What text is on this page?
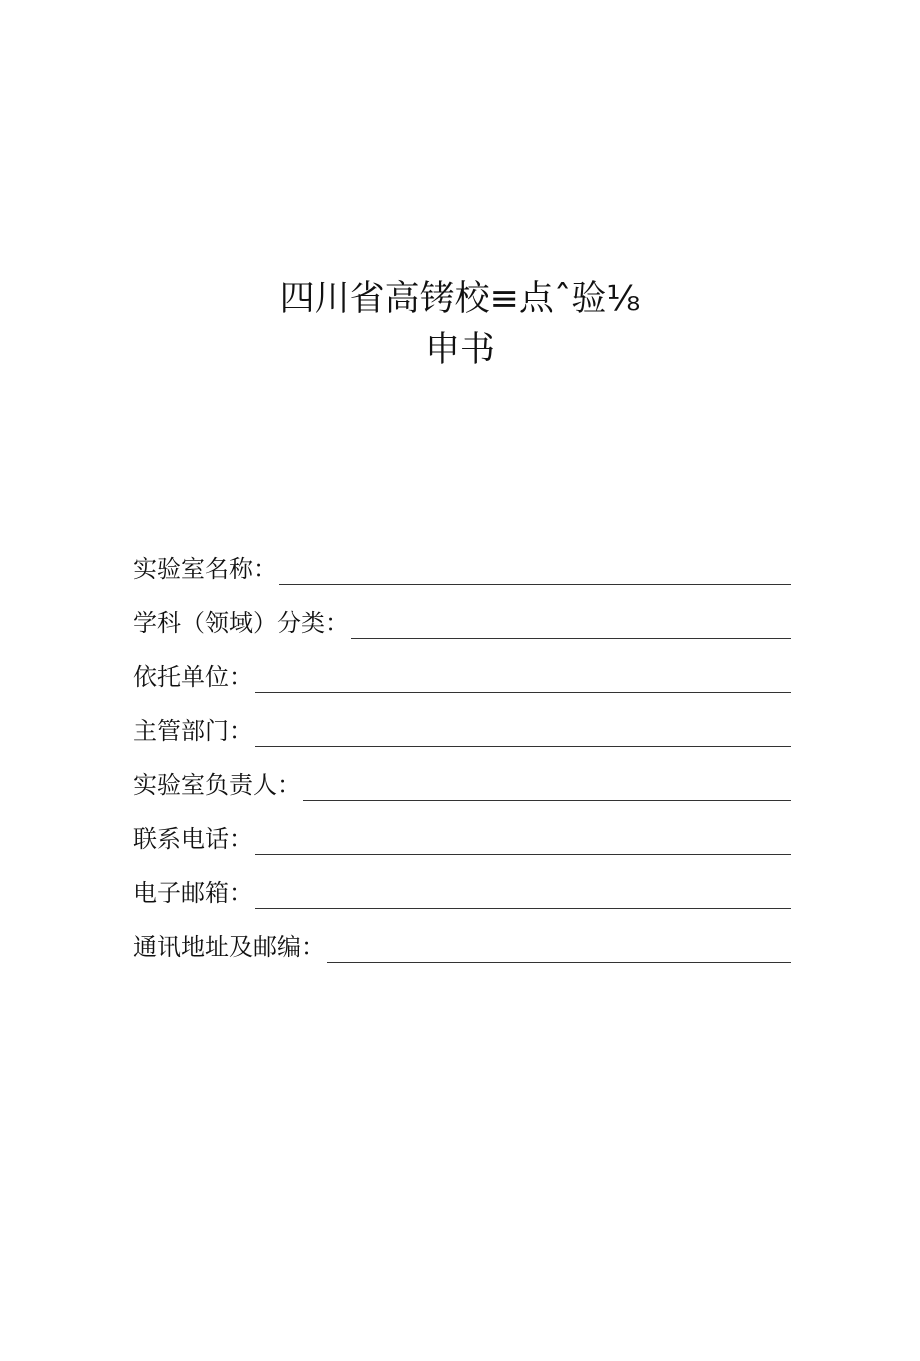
四川省高铐校≡点ˆ验⅛
申书
实验室名称：
学科（领域）分类：
依托单位：
主管部门：
实验室负责人：
联系电话：
电子邮箱：
通讯地址及邮编：
